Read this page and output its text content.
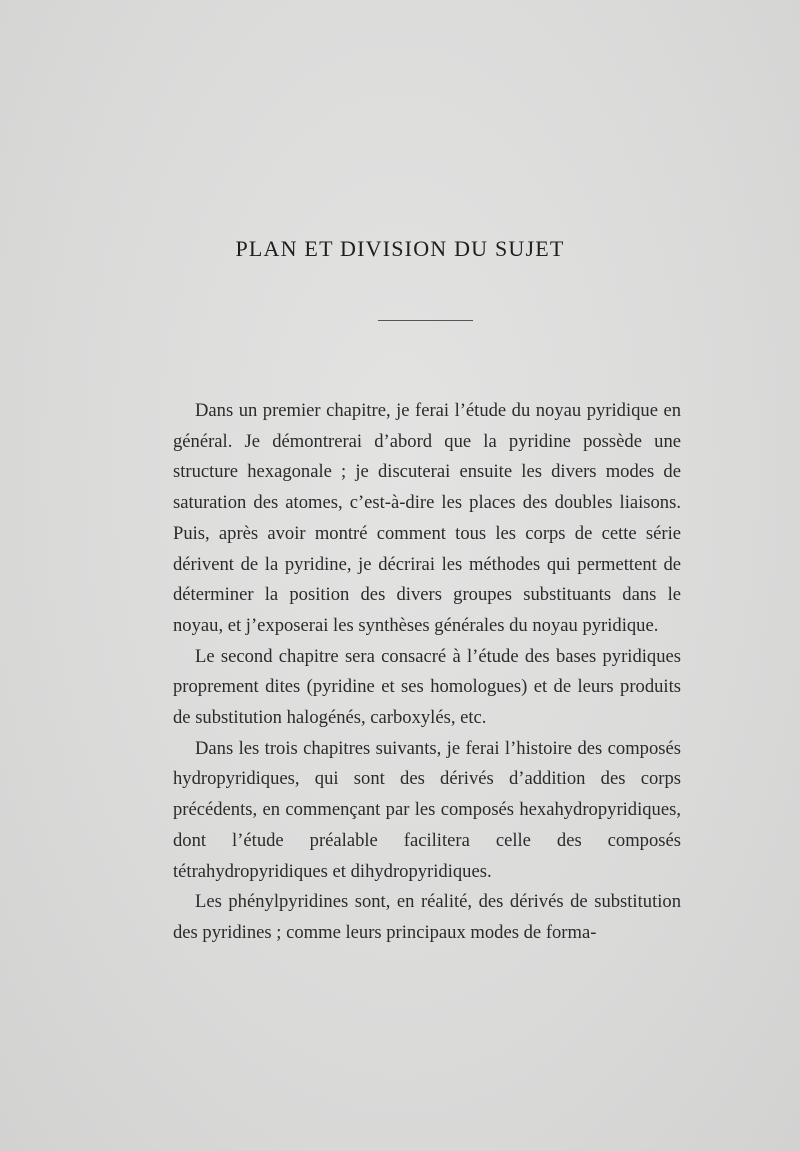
PLAN ET DIVISION DU SUJET

Dans un premier chapitre, je ferai l’étude du noyau pyridique en général. Je démontrerai d’abord que la pyridine possède une structure hexagonale ; je discuterai ensuite les divers modes de saturation des atomes, c’est-à-dire les places des doubles liaisons. Puis, après avoir montré comment tous les corps de cette série dérivent de la pyridine, je décrirai les méthodes qui permettent de déterminer la position des divers groupes substituants dans le noyau, et j’exposerai les synthèses générales du noyau pyridique.

Le second chapitre sera consacré à l’étude des bases pyridiques proprement dites (pyridine et ses homologues) et de leurs produits de substitution halogénés, carboxylés, etc.

Dans les trois chapitres suivants, je ferai l’histoire des composés hydropyridiques, qui sont des dérivés d’addition des corps précédents, en commençant par les composés hexahydropyridiques, dont l’étude préalable facilitera celle des composés tétrahydropyridiques et dihydropyridiques.

Les phénylpyridines sont, en réalité, des dérivés de substitution des pyridines ; comme leurs principaux modes de forma-
